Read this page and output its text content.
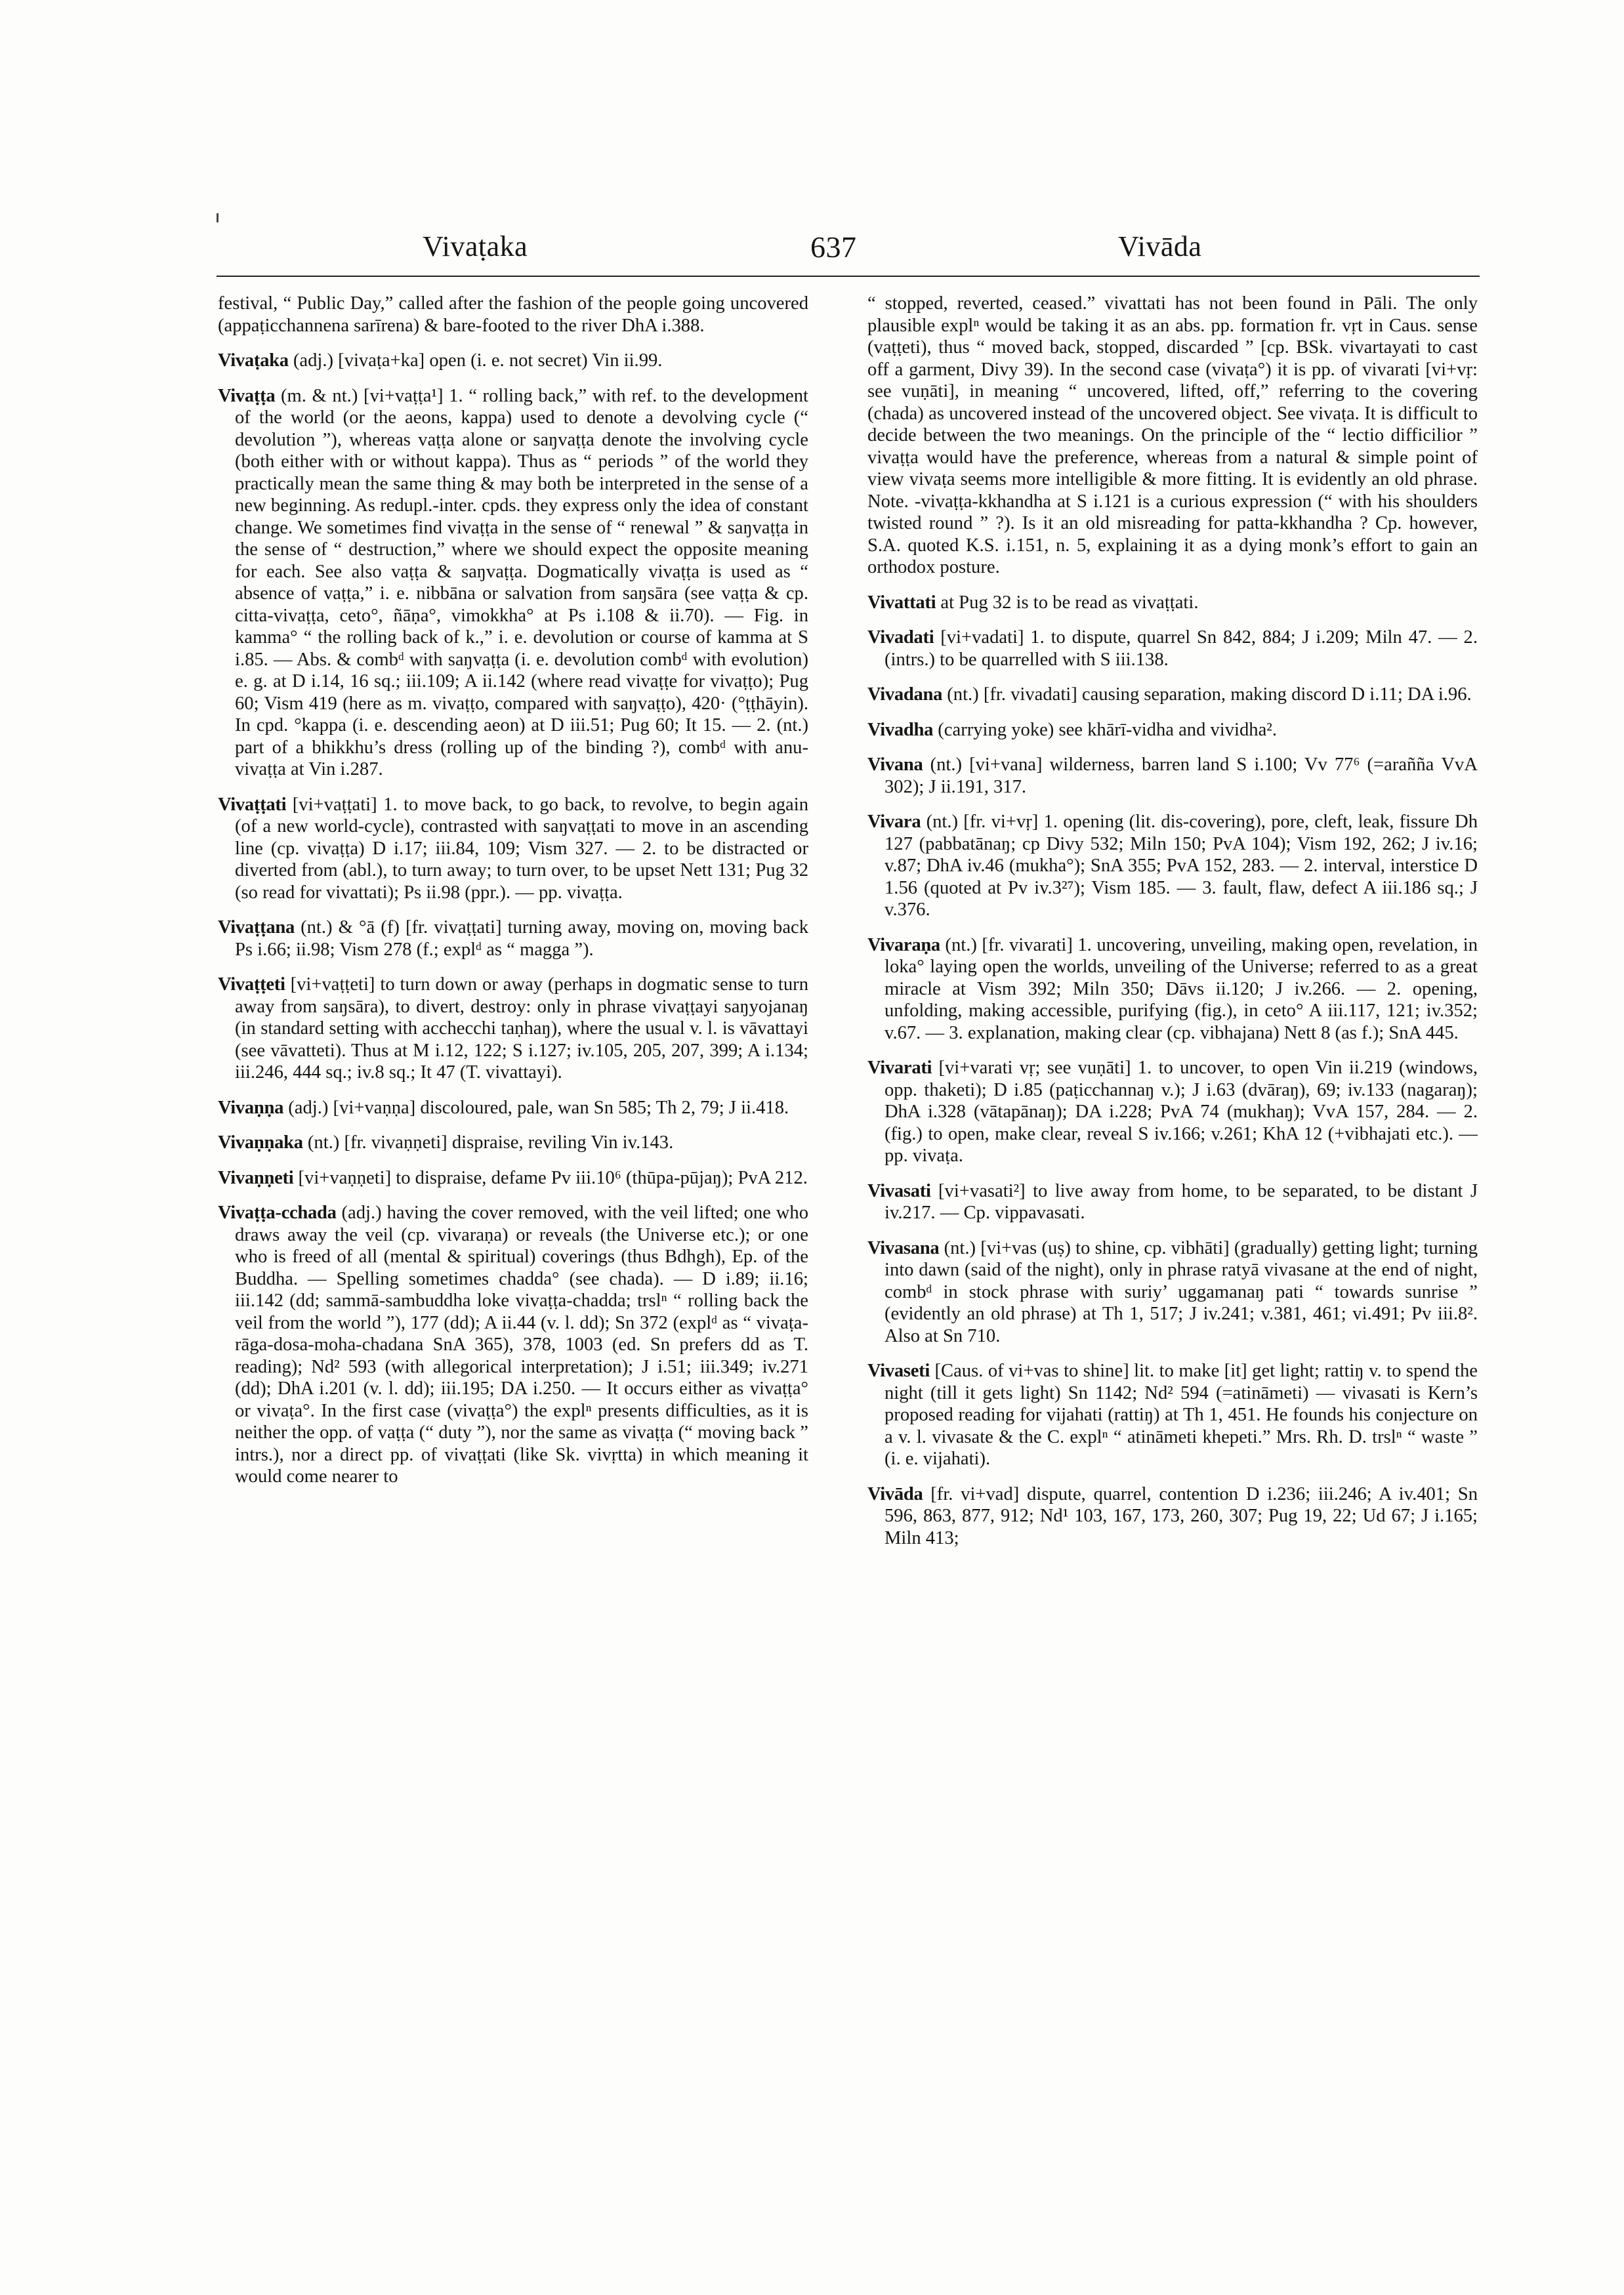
Vivaṭaka	637	Vivāda

festival, “ Public Day,” called after the fashion of the people going uncovered (appaṭicchannena sarīrena) & bare-footed to the river DhA i.388.

Vivaṭaka (adj.) [vivaṭa+ka] open (i. e. not secret) Vin ii.99.

Vivaṭṭa (m. & nt.) [vi+vaṭṭa¹] 1. “ rolling back,” with ref. to the development of the world (or the aeons, kappa) used to denote a devolving cycle (“ devolution ”), whereas vaṭṭa alone or saŋvaṭṭa denote the involving cycle (both either with or without kappa). Thus as “ periods ” of the world they practically mean the same thing & may both be interpreted in the sense of a new beginning. As redupl.-inter. cpds. they express only the idea of constant change. We sometimes find vivaṭṭa in the sense of “ renewal ” & saŋvaṭṭa in the sense of “ destruction,” where we should expect the opposite meaning for each. See also vaṭṭa & saŋvaṭṭa. Dogmatically vivaṭṭa is used as “ absence of vaṭṭa,” i. e. nibbāna or salvation from saŋsāra (see vaṭṭa & cp. citta-vivaṭṭa, ceto°, ñāṇa°, vimokkha° at Ps i.108 & ii.70). — Fig. in kamma° “ the rolling back of k.,” i. e. devolution or course of kamma at S i.85. — Abs. & combᵈ with saŋvaṭṭa (i. e. devolution combᵈ with evolution) e. g. at D i.14, 16 sq.; iii.109; A ii.142 (where read vivaṭṭe for vivaṭṭo); Pug 60; Vism 419 (here as m. vivaṭṭo, compared with saŋvaṭṭo), 420· (°ṭṭhāyin). In cpd. °kappa (i. e. descending aeon) at D iii.51; Pug 60; It 15. — 2. (nt.) part of a bhikkhu’s dress (rolling up of the binding ?), combᵈ with anu-vivaṭṭa at Vin i.287.

Vivaṭṭati [vi+vaṭṭati] 1. to move back, to go back, to revolve, to begin again (of a new world-cycle), contrasted with saŋvaṭṭati to move in an ascending line (cp. vivaṭṭa) D i.17; iii.84, 109; Vism 327. — 2. to be distracted or diverted from (abl.), to turn away; to turn over, to be upset Nett 131; Pug 32 (so read for vivattati); Ps ii.98 (ppr.). — pp. vivaṭṭa.

Vivaṭṭana (nt.) & °ā (f) [fr. vivaṭṭati] turning away, moving on, moving back Ps i.66; ii.98; Vism 278 (f.; explᵈ as “ magga ”).

Vivaṭṭeti [vi+vaṭṭeti] to turn down or away (perhaps in dogmatic sense to turn away from saŋsāra), to divert, destroy: only in phrase vivaṭṭayi saŋyojanaŋ (in standard setting with acchecchi taṇhaŋ), where the usual v. l. is vāvattayi (see vāvatteti). Thus at M i.12, 122; S i.127; iv.105, 205, 207, 399; A i.134; iii.246, 444 sq.; iv.8 sq.; It 47 (T. vivattayi).

Vivaṇṇa (adj.) [vi+vaṇṇa] discoloured, pale, wan Sn 585; Th 2, 79; J ii.418.

Vivaṇṇaka (nt.) [fr. vivaṇṇeti] dispraise, reviling Vin iv.143.

Vivaṇṇeti [vi+vaṇṇeti] to dispraise, defame Pv iii.10⁶ (thūpa-pūjaŋ); PvA 212.

Vivaṭṭa-cchada (adj.) having the cover removed, with the veil lifted; one who draws away the veil (cp. vivaraṇa) or reveals (the Universe etc.); or one who is freed of all (mental & spiritual) coverings (thus Bdhgh), Ep. of the Buddha. — Spelling sometimes chadda° (see chada). — D i.89; ii.16; iii.142 (dd; sammā-sambuddha loke vivaṭṭa-chadda; trslⁿ “ rolling back the veil from the world ”), 177 (dd); A ii.44 (v. l. dd); Sn 372 (explᵈ as “ vivaṭa-rāga-dosa-moha-chadana SnA 365), 378, 1003 (ed. Sn prefers dd as T. reading); Nd² 593 (with allegorical interpretation); J i.51; iii.349; iv.271 (dd); DhA i.201 (v. l. dd); iii.195; DA i.250. — It occurs either as vivaṭṭa° or vivaṭa°. In the first case (vivaṭṭa°) the explⁿ presents difficulties, as it is neither the opp. of vaṭṭa (“ duty ”), nor the same as vivaṭṭa (“ moving back ” intrs.), nor a direct pp. of vivaṭṭati (like Sk. vivṛtta) in which meaning it would come nearer to

“ stopped, reverted, ceased.” vivattati has not been found in Pāli. The only plausible explⁿ would be taking it as an abs. pp. formation fr. vṛt in Caus. sense (vaṭṭeti), thus “ moved back, stopped, discarded ” [cp. BSk. vivartayati to cast off a garment, Divy 39). In the second case (vivaṭa°) it is pp. of vivarati [vi+vṛ: see vuṇāti], in meaning “ uncovered, lifted, off,” referring to the covering (chada) as uncovered instead of the uncovered object. See vivaṭa. It is difficult to decide between the two meanings. On the principle of the “ lectio difficilior ” vivaṭṭa would have the preference, whereas from a natural & simple point of view vivaṭa seems more intelligible & more fitting. It is evidently an old phrase. Note. -vivaṭṭa-kkhandha at S i.121 is a curious expression (“ with his shoulders twisted round ” ?). Is it an old misreading for patta-kkhandha ? Cp. however, S.A. quoted K.S. i.151, n. 5, explaining it as a dying monk’s effort to gain an orthodox posture.

Vivattati at Pug 32 is to be read as vivaṭṭati.

Vivadati [vi+vadati] 1. to dispute, quarrel Sn 842, 884; J i.209; Miln 47. — 2. (intrs.) to be quarrelled with S iii.138.

Vivadana (nt.) [fr. vivadati] causing separation, making discord D i.11; DA i.96.

Vivadha (carrying yoke) see khārī-vidha and vividha².

Vivana (nt.) [vi+vana] wilderness, barren land S i.100; Vv 77⁶ (=araññа VvA 302); J ii.191, 317.

Vivara (nt.) [fr. vi+vṛ] 1. opening (lit. dis-covering), pore, cleft, leak, fissure Dh 127 (pabbatānaŋ; cp Divy 532; Miln 150; PvA 104); Vism 192, 262; J iv.16; v.87; DhA iv.46 (mukha°); SnA 355; PvA 152, 283. — 2. interval, interstice D 1.56 (quoted at Pv iv.3²⁷); Vism 185. — 3. fault, flaw, defect A iii.186 sq.; J v.376.

Vivaraṇa (nt.) [fr. vivarati] 1. uncovering, unveiling, making open, revelation, in loka° laying open the worlds, unveiling of the Universe; referred to as a great miracle at Vism 392; Miln 350; Dāvs ii.120; J iv.266. — 2. opening, unfolding, making accessible, purifying (fig.), in ceto° A iii.117, 121; iv.352; v.67. — 3. explanation, making clear (cp. vibhajana) Nett 8 (as f.); SnA 445.

Vivarati [vi+varati vṛ; see vuṇāti] 1. to uncover, to open Vin ii.219 (windows, opp. thaketi); D i.85 (paṭicchannaŋ v.); J i.63 (dvāraŋ), 69; iv.133 (nagaraŋ); DhA i.328 (vātapānaŋ); DA i.228; PvA 74 (mukhaŋ); VvA 157, 284. — 2. (fig.) to open, make clear, reveal S iv.166; v.261; KhA 12 (+vibhajati etc.). — pp. vivaṭa.

Vivasati [vi+vasati²] to live away from home, to be separated, to be distant J iv.217. — Cp. vippavasati.

Vivasana (nt.) [vi+vas (uṣ) to shine, cp. vibhāti] (gradually) getting light; turning into dawn (said of the night), only in phrase ratyā vivasane at the end of night, combᵈ in stock phrase with suriy’ uggamanaŋ pati “ towards sunrise ” (evidently an old phrase) at Th 1, 517; J iv.241; v.381, 461; vi.491; Pv iii.8². Also at Sn 710.

Vivaseti [Caus. of vi+vas to shine] lit. to make [it] get light; rattiŋ v. to spend the night (till it gets light) Sn 1142; Nd² 594 (=atināmeti) — vivasati is Kern’s proposed reading for vijahati (rattiŋ) at Th 1, 451. He founds his conjecture on a v. l. vivasate & the C. explⁿ “ atināmeti khepeti.” Mrs. Rh. D. trslⁿ “ waste ” (i. e. vijahati).

Vivāda [fr. vi+vad] dispute, quarrel, contention D i.236; iii.246; A iv.401; Sn 596, 863, 877, 912; Nd¹ 103, 167, 173, 260, 307; Pug 19, 22; Ud 67; J i.165; Miln 413;
